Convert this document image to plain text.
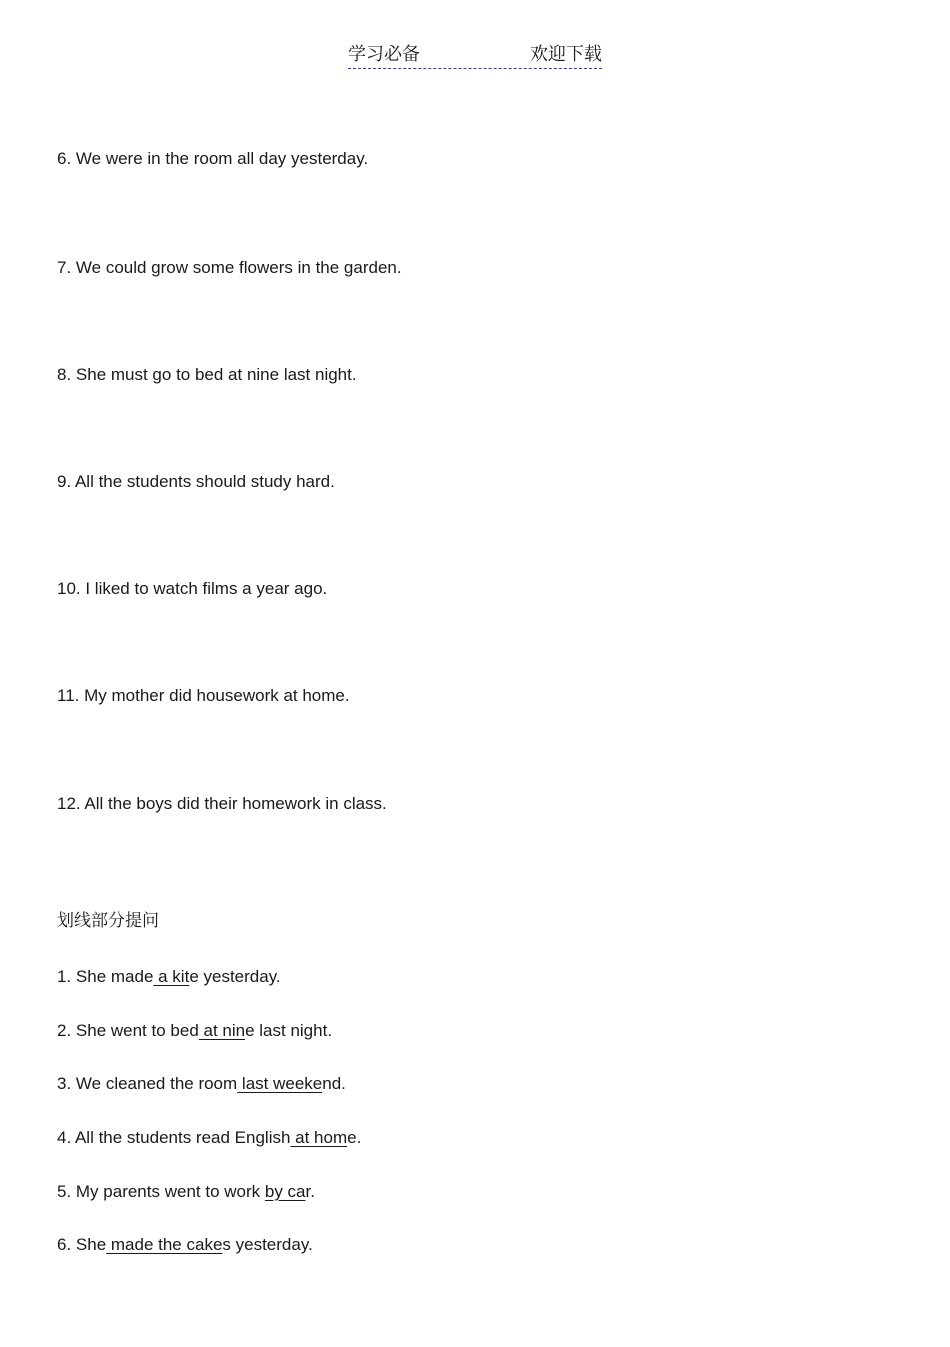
学习必备	欢迎下载
6. We were in the room all day yesterday.
7. We could grow some flowers in the garden.
8. She must go to bed at nine last night.
9. All the students should study hard.
10. I liked to watch films a year ago.
11. My mother did housework at home.
12. All the boys did their homework in class.
划线部分提问
1. She made a kite yesterday.
2. She went to bed at nine last night.
3. We cleaned the room last weekend.
4. All the students read English at home.
5. My parents went to work by car.
6. She made the cakes yesterday.
